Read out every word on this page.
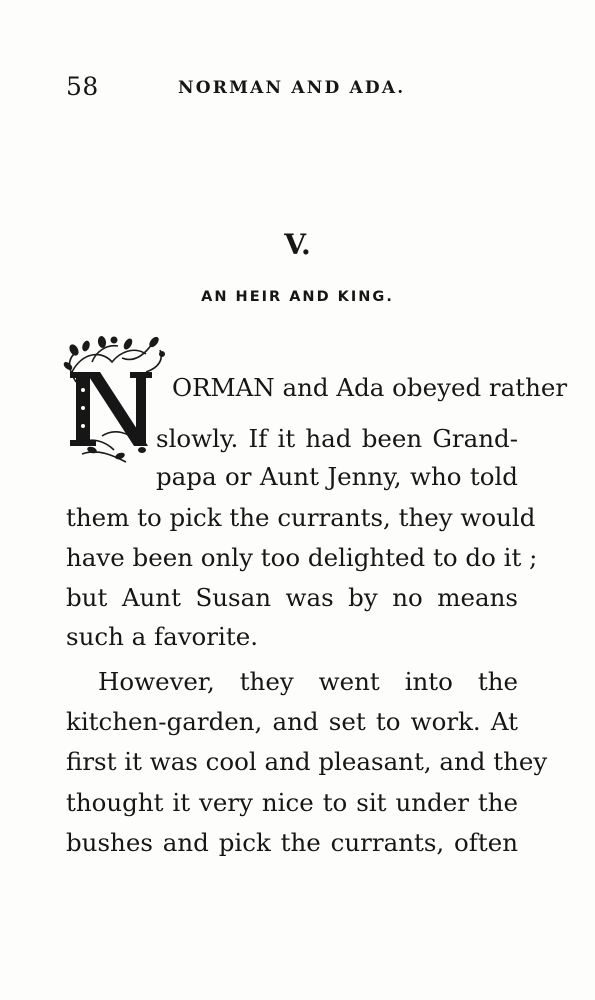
58	NORMAN AND ADA.
V.
AN HEIR AND KING.
ORMAN and Ada obeyed rather
slowly. If it had been Grand-
papa or Aunt Jenny, who told
them to pick the currants, they would
have been only too delighted to do it ;
but Aunt Susan was by no means
such a favorite.
However, they went into the
kitchen-garden, and set to work. At
first it was cool and pleasant, and they
thought it very nice to sit under the
bushes and pick the currants, often
